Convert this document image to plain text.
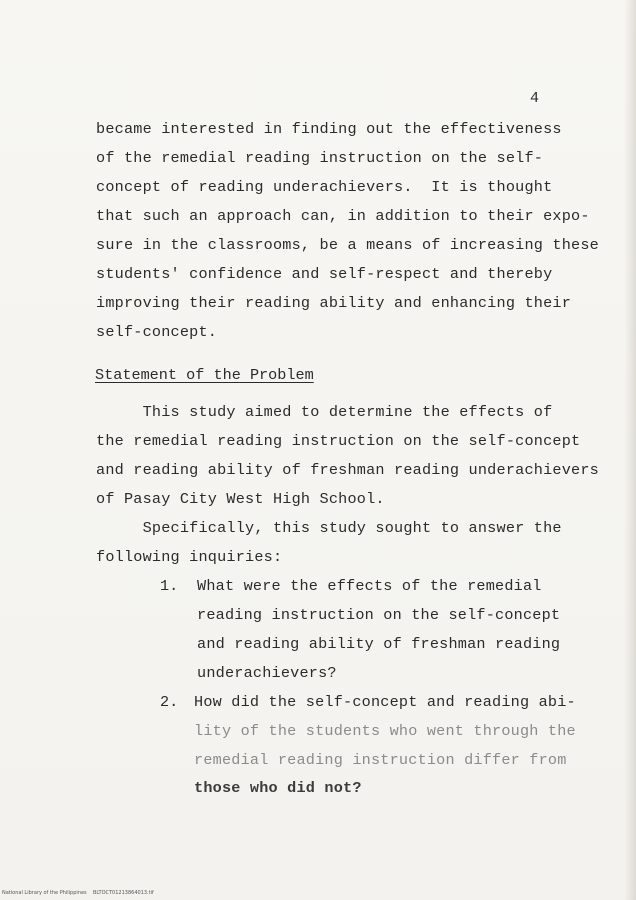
4
became interested in finding out the effectiveness
of the remedial reading instruction on the self-
concept of reading underachievers.  It is thought
that such an approach can, in addition to their expo-
sure in the classrooms, be a means of increasing these
students' confidence and self-respect and thereby
improving their reading ability and enhancing their
self-concept.
Statement of the Problem
This study aimed to determine the effects of
the remedial reading instruction on the self-concept
and reading ability of freshman reading underachievers
of Pasay City West High School.
Specifically, this study sought to answer the
following inquiries:
1. What were the effects of the remedial
reading instruction on the self-concept
and reading ability of freshman reading
underachievers?
2. How did the self-concept and reading abi-
lity of the students who went through the
remedial reading instruction differ from
those who did not?
National Library of the Philippines    BLTOCT01213864013.tif
